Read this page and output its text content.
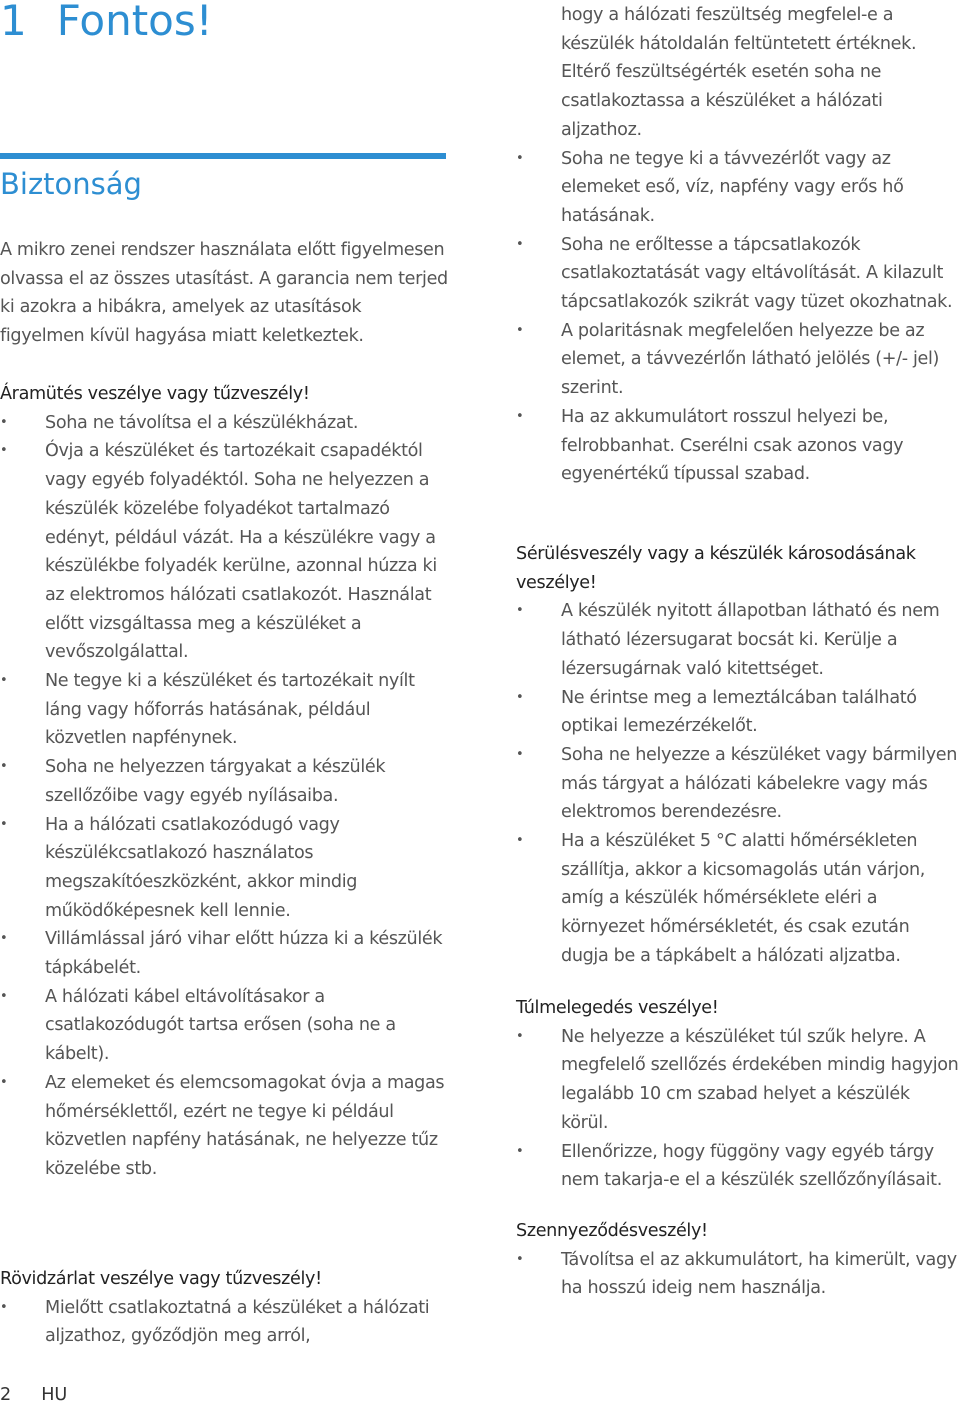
1 Fontos!
Biztonság

A mikro zenei rendszer használata előtt figyelmesen olvassa el az összes utasítást. A garancia nem terjed ki azokra a hibákra, amelyek az utasítások figyelmen kívül hagyása miatt keletkeztek.

Áramütés veszélye vagy tűzveszély!

• Soha ne távolítsa el a készülékházat.
• Óvja a készüléket és tartozékait csapadéktól vagy egyéb folyadéktól. Soha ne helyezzen a készülék közelébe folyadékot tartalmazó edényt, például vázát. Ha a készülékre vagy a készülékbe folyadék kerülne, azonnal húzza ki az elektromos hálózati csatlakozót. Használat előtt vizsgáltassa meg a készüléket a vevőszolgálattal.
• Ne tegye ki a készüléket és tartozékait nyílt láng vagy hőforrás hatásának, például közvetlen napfénynek.
• Soha ne helyezzen tárgyakat a készülék szellőzőibe vagy egyéb nyílásaiba.
• Ha a hálózati csatlakozódugó vagy készülékcsatlakozó használatos megszakítóeszközként, akkor mindig működőképesnek kell lennie.
• Villámlással járó vihar előtt húzza ki a készülék tápkábelét.
• A hálózati kábel eltávolításakor a csatlakozódugót tartsa erősen (soha ne a kábelt).
• Az elemeket és elemcsomagokat óvja a magas hőmérséklettől, ezért ne tegye ki például közvetlen napfény hatásának, ne helyezze tűz közelébe stb.

Rövidzárlat veszélye vagy tűzveszély!

• Mielőtt csatlakoztatná a készüléket a hálózati aljzathoz, győződjön meg arról,
hogy a hálózati feszültség megfelel-e a készülék hátoldalán feltüntetett értéknek. Eltérő feszültségérték esetén soha ne csatlakoztassa a készüléket a hálózati aljzathoz.
• Soha ne tegye ki a távvezérlőt vagy az elemeket eső, víz, napfény vagy erős hő hatásának.
• Soha ne erőltesse a tápcsatlakozók csatlakoztatását vagy eltávolítását. A kilazult tápcsatlakozók szikrát vagy tüzet okozhatnak.
• A polaritásnak megfelelően helyezze be az elemet, a távvezérlőn látható jelölés (+/- jel) szerint.
• Ha az akkumulátort rosszul helyezi be, felrobbanhat. Cserélni csak azonos vagy egyenértékű típussal szabad.

Sérülésveszély vagy a készülék károsodásának veszélye!

• A készülék nyitott állapotban látható és nem látható lézersugarat bocsát ki. Kerülje a lézersugárnak való kitettséget.
• Ne érintse meg a lemeztálcában található optikai lemezérzékelőt.
• Soha ne helyezze a készüléket vagy bármilyen más tárgyat a hálózati kábelekre vagy más elektromos berendezésre.
• Ha a készüléket 5 °C alatti hőmérsékleten szállítja, akkor a kicsomagolás után várjon, amíg a készülék hőmérséklete eléri a környezet hőmérsékletét, és csak ezután dugja be a tápkábelt a hálózati aljzatba.

Túlmelegedés veszélye!

• Ne helyezze a készüléket túl szűk helyre. A megfelelő szellőzés érdekében mindig hagyjon legalább 10 cm szabad helyet a készülék körül.
• Ellenőrizze, hogy függöny vagy egyéb tárgy nem takarja-e el a készülék szellőzőnyílásait.

Szennyeződésveszély!

• Távolítsa el az akkumulátort, ha kimerült, vagy ha hosszú ideig nem használja.
2 HU
